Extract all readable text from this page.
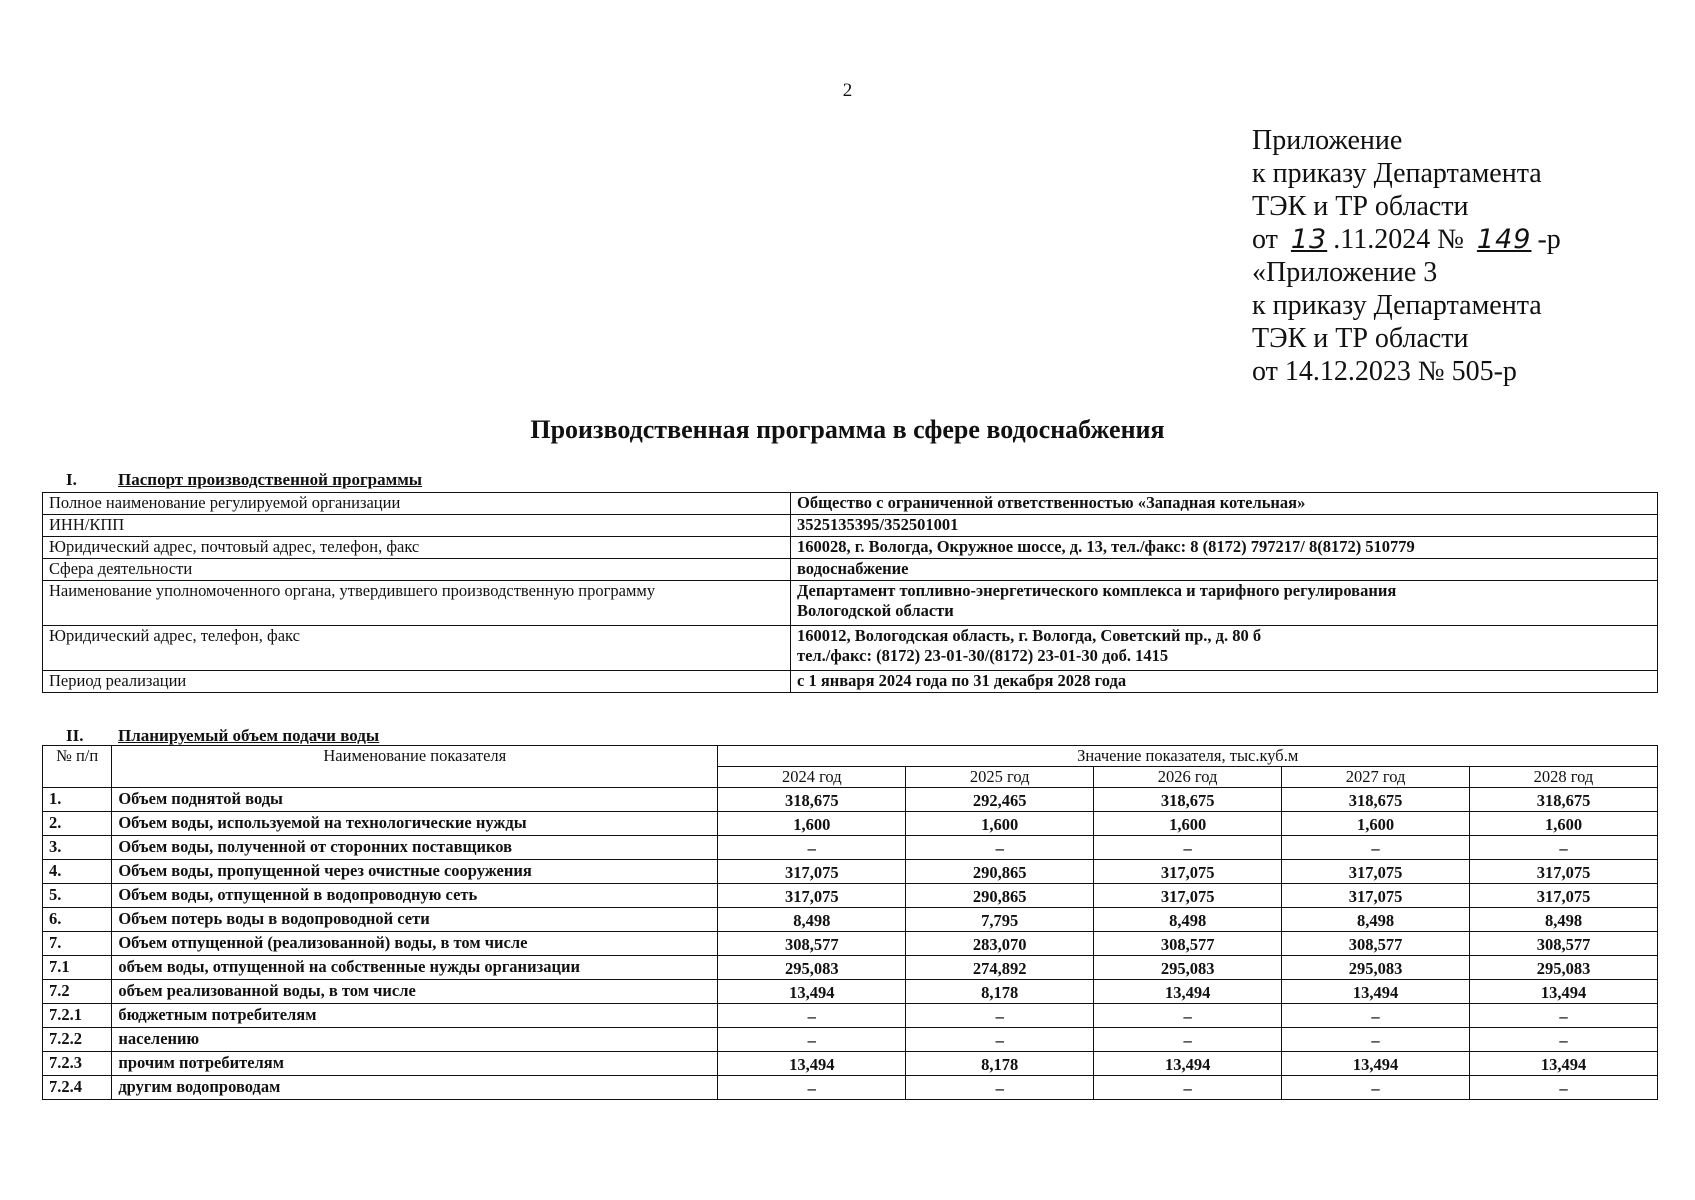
2
Приложение
к приказу Департамента
ТЭК и ТР области
от 13 .11.2024 № 149 -р
«Приложение 3
к приказу Департамента
ТЭК и ТР области
от 14.12.2023 № 505-р
Производственная программа в сфере водоснабжения
I. Паспорт производственной программы
Полное наименование регулируемой организации	Общество с ограниченной ответственностью «Западная котельная»

ИНН/КПП	3525135395/352501001

Юридический адрес, почтовый адрес, телефон, факс	160028, г. Вологда, Окружное шоссе, д. 13, тел./факс: 8 (8172) 797217/ 8(8172) 510779

Сфера деятельности	водоснабжение

Наименование уполномоченного органа, утвердившего производственную программу	Департамент топливно-энергетического комплекса и тарифного регулирования
Вологодской области

Юридический адрес, телефон, факс	160012, Вологодская область, г. Вологда, Советский пр., д. 80 б
тел./факс: (8172) 23-01-30/(8172) 23-01-30 доб. 1415

Период реализации	с 1 января 2024 года по 31 декабря 2028 года
II. Планируемый объем подачи воды
№ п/п	Наименование показателя	Значение показателя, тыс.куб.м				
		2024 год	2025 год	2026 год	2027 год	2028 год
1.	Объем поднятой воды	318,675	292,465	318,675	318,675	318,675
2.	Объем воды, используемой на технологические нужды	1,600	1,600	1,600	1,600	1,600
3.	Объем воды, полученной от сторонних поставщиков	–	–	–	–	–
4.	Объем воды, пропущенной через очистные сооружения	317,075	290,865	317,075	317,075	317,075
5.	Объем воды, отпущенной в водопроводную сеть	317,075	290,865	317,075	317,075	317,075
6.	Объем потерь воды в водопроводной сети	8,498	7,795	8,498	8,498	8,498
7.	Объем отпущенной (реализованной) воды, в том числе	308,577	283,070	308,577	308,577	308,577
7.1	объем воды, отпущенной на собственные нужды организации	295,083	274,892	295,083	295,083	295,083
7.2	объем реализованной воды, в том числе	13,494	8,178	13,494	13,494	13,494
7.2.1	бюджетным потребителям	–	–	–	–	–
7.2.2	населению	–	–	–	–	–
7.2.3	прочим потребителям	13,494	8,178	13,494	13,494	13,494
7.2.4	другим водопроводам	–	–	–	–	–
